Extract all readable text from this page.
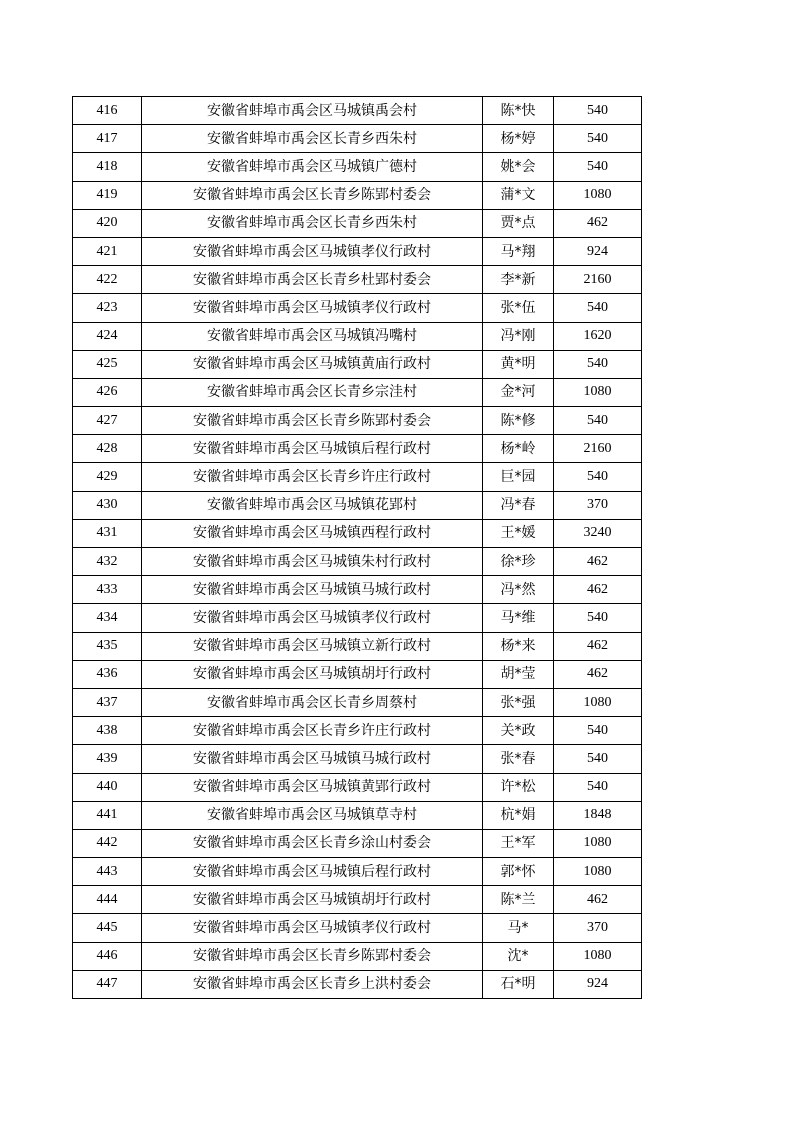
416	安徽省蚌埠市禹会区马城镇禹会村	陈*快	540
417	安徽省蚌埠市禹会区长青乡西朱村	杨*婷	540
418	安徽省蚌埠市禹会区马城镇广德村	姚*会	540
419	安徽省蚌埠市禹会区长青乡陈郢村委会	蒲*文	1080
420	安徽省蚌埠市禹会区长青乡西朱村	贾*点	462
421	安徽省蚌埠市禹会区马城镇孝仪行政村	马*翔	924
422	安徽省蚌埠市禹会区长青乡杜郢村委会	李*新	2160
423	安徽省蚌埠市禹会区马城镇孝仪行政村	张*伍	540
424	安徽省蚌埠市禹会区马城镇冯嘴村	冯*刚	1620
425	安徽省蚌埠市禹会区马城镇黄庙行政村	黄*明	540
426	安徽省蚌埠市禹会区长青乡宗洼村	金*河	1080
427	安徽省蚌埠市禹会区长青乡陈郢村委会	陈*修	540
428	安徽省蚌埠市禹会区马城镇后程行政村	杨*岭	2160
429	安徽省蚌埠市禹会区长青乡许庄行政村	巨*园	540
430	安徽省蚌埠市禹会区马城镇花郢村	冯*春	370
431	安徽省蚌埠市禹会区马城镇西程行政村	王*媛	3240
432	安徽省蚌埠市禹会区马城镇朱村行政村	徐*珍	462
433	安徽省蚌埠市禹会区马城镇马城行政村	冯*然	462
434	安徽省蚌埠市禹会区马城镇孝仪行政村	马*维	540
435	安徽省蚌埠市禹会区马城镇立新行政村	杨*来	462
436	安徽省蚌埠市禹会区马城镇胡圩行政村	胡*莹	462
437	安徽省蚌埠市禹会区长青乡周蔡村	张*强	1080
438	安徽省蚌埠市禹会区长青乡许庄行政村	关*政	540
439	安徽省蚌埠市禹会区马城镇马城行政村	张*春	540
440	安徽省蚌埠市禹会区马城镇黄郢行政村	许*松	540
441	安徽省蚌埠市禹会区马城镇草寺村	杭*娟	1848
442	安徽省蚌埠市禹会区长青乡涂山村委会	王*军	1080
443	安徽省蚌埠市禹会区马城镇后程行政村	郭*怀	1080
444	安徽省蚌埠市禹会区马城镇胡圩行政村	陈*兰	462
445	安徽省蚌埠市禹会区马城镇孝仪行政村	马*	370
446	安徽省蚌埠市禹会区长青乡陈郢村委会	沈*	1080
447	安徽省蚌埠市禹会区长青乡上洪村委会	石*明	924
